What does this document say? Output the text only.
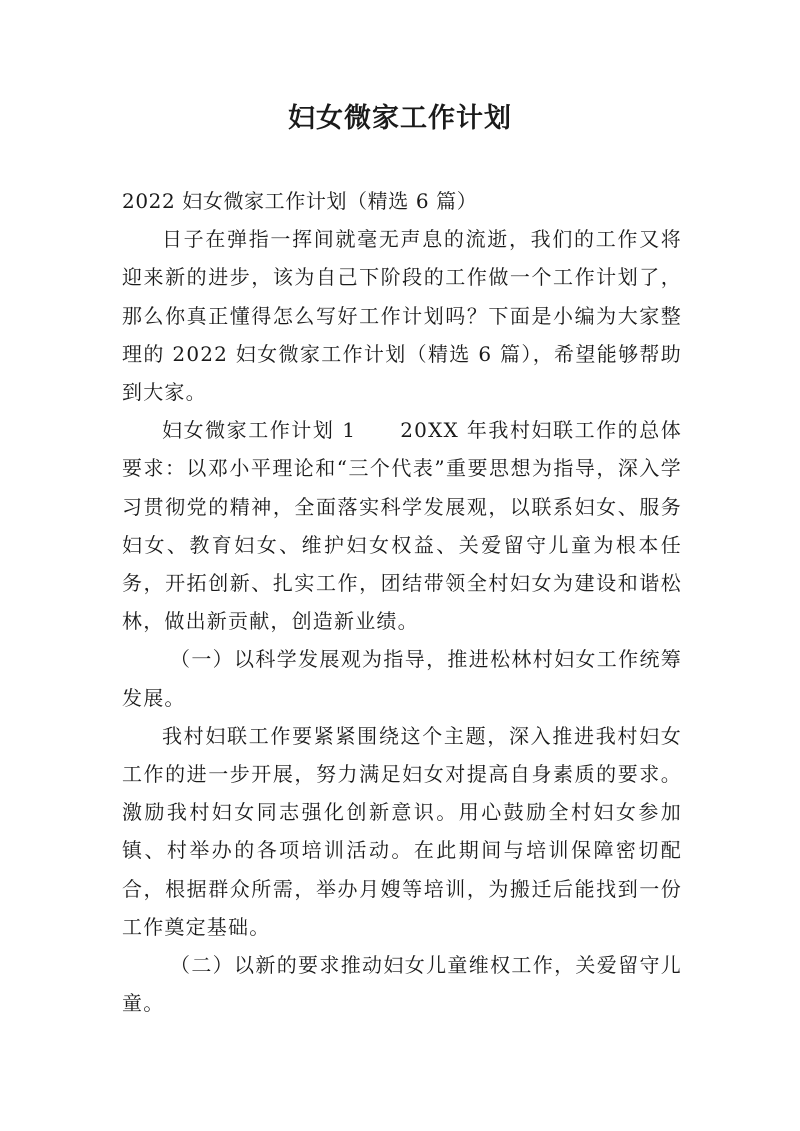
妇女微家工作计划

2022 妇女微家工作计划（精选 6 篇）

日子在弹指一挥间就毫无声息的流逝，我们的工作又将迎来新的进步，该为自己下阶段的工作做一个工作计划了，那么你真正懂得怎么写好工作计划吗？下面是小编为大家整理的 2022 妇女微家工作计划（精选 6 篇），希望能够帮助到大家。

妇女微家工作计划 1 20XX 年我村妇联工作的总体要求：以邓小平理论和“三个代表”重要思想为指导，深入学习贯彻党的精神，全面落实科学发展观，以联系妇女、服务妇女、教育妇女、维护妇女权益、关爱留守儿童为根本任务，开拓创新、扎实工作，团结带领全村妇女为建设和谐松林，做出新贡献，创造新业绩。

（一）以科学发展观为指导，推进松林村妇女工作统筹发展。

我村妇联工作要紧紧围绕这个主题，深入推进我村妇女工作的进一步开展，努力满足妇女对提高自身素质的要求。激励我村妇女同志强化创新意识。用心鼓励全村妇女参加镇、村举办的各项培训活动。在此期间与培训保障密切配合，根据群众所需，举办月嫂等培训，为搬迁后能找到一份工作奠定基础。

（二）以新的要求推动妇女儿童维权工作，关爱留守儿童。
